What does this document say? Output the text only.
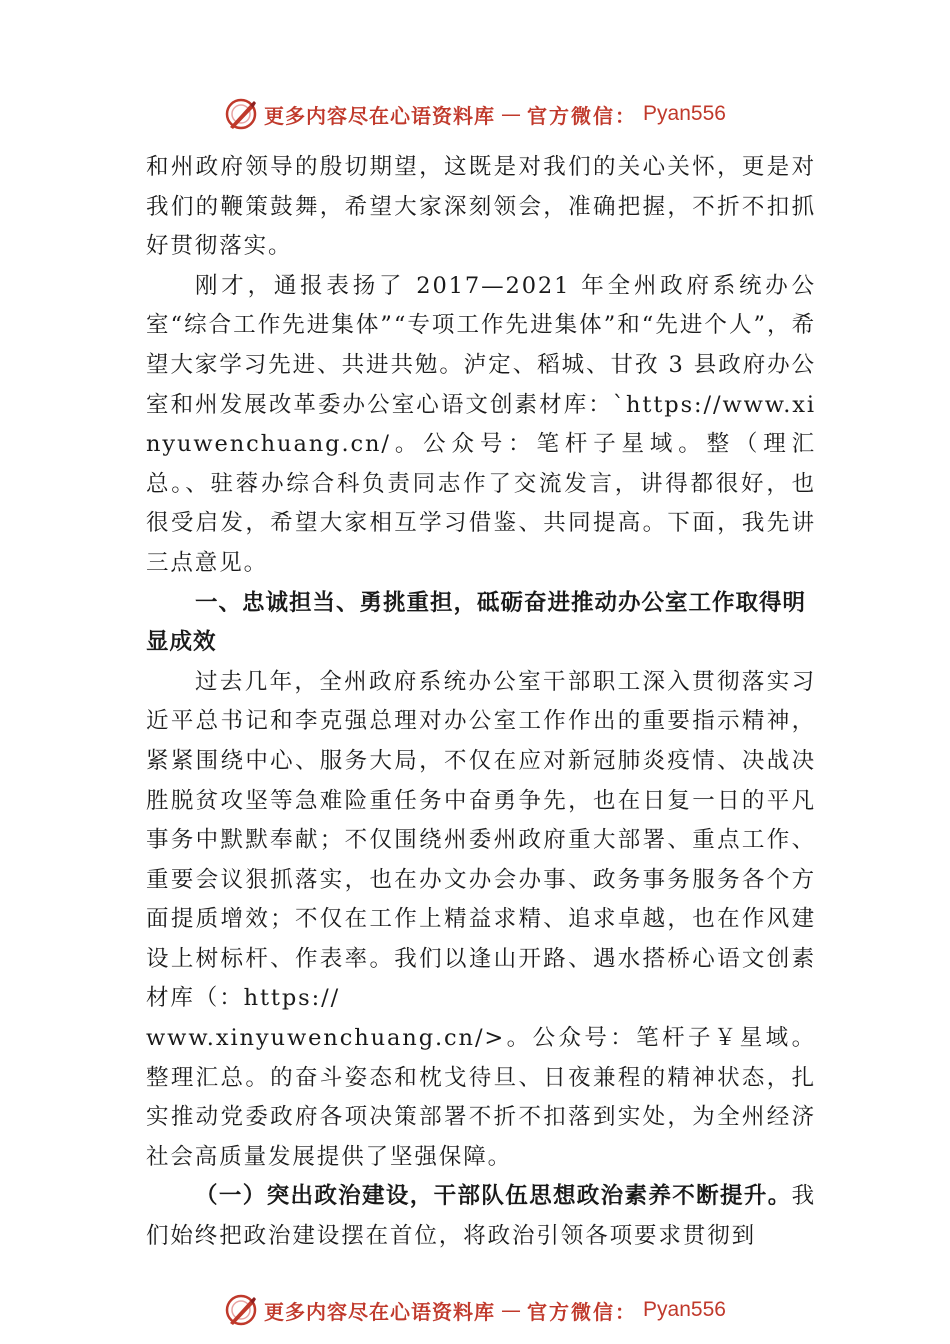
更多内容尽在心语资料库 — 官方微信： Pyan556

和州政府领导的殷切期望，这既是对我们的关心关怀，更是对我们的鞭策鼓舞，希望大家深刻领会，准确把握，不折不扣抓好贯彻落实。

刚才，通报表扬了 2017—2021 年全州政府系统办公室“综合工作先进集体”“专项工作先进集体”和“先进个人”，希望大家学习先进、共进共勉。泸定、稻城、甘孜 3 县政府办公室和州发展改革委办公室心语文创素材库：`https://www.xinyuwenchuang.cn/。公众号：笔杆子星域。整（理汇总。、驻蓉办综合科负责同志作了交流发言，讲得都很好，也很受启发，希望大家相互学习借鉴、共同提高。下面，我先讲三点意见。

一、忠诚担当、勇挑重担，砥砺奋进推动办公室工作取得明显成效

过去几年，全州政府系统办公室干部职工深入贯彻落实习近平总书记和李克强总理对办公室工作作出的重要指示精神，紧紧围绕中心、服务大局，不仅在应对新冠肺炎疫情、决战决胜脱贫攻坚等急难险重任务中奋勇争先，也在日复一日的平凡事务中默默奉献；不仅围绕州委州政府重大部署、重点工作、重要会议狠抓落实，也在办文办会办事、政务事务服务各个方面提质增效；不仅在工作上精益求精、追求卓越，也在作风建设上树标杆、作表率。我们以逢山开路、遇水搭桥心语文创素材库（：https://

www.xinyuwenchuang.cn/>。公众号：笔杆子￥星域。整理汇总。的奋斗姿态和枕戈待旦、日夜兼程的精神状态，扎实推动党委政府各项决策部署不折不扣落到实处，为全州经济社会高质量发展提供了坚强保障。

（一）突出政治建设，干部队伍思想政治素养不断提升。我们始终把政治建设摆在首位，将政治引领各项要求贯彻到

更多内容尽在心语资料库 — 官方微信： Pyan556
